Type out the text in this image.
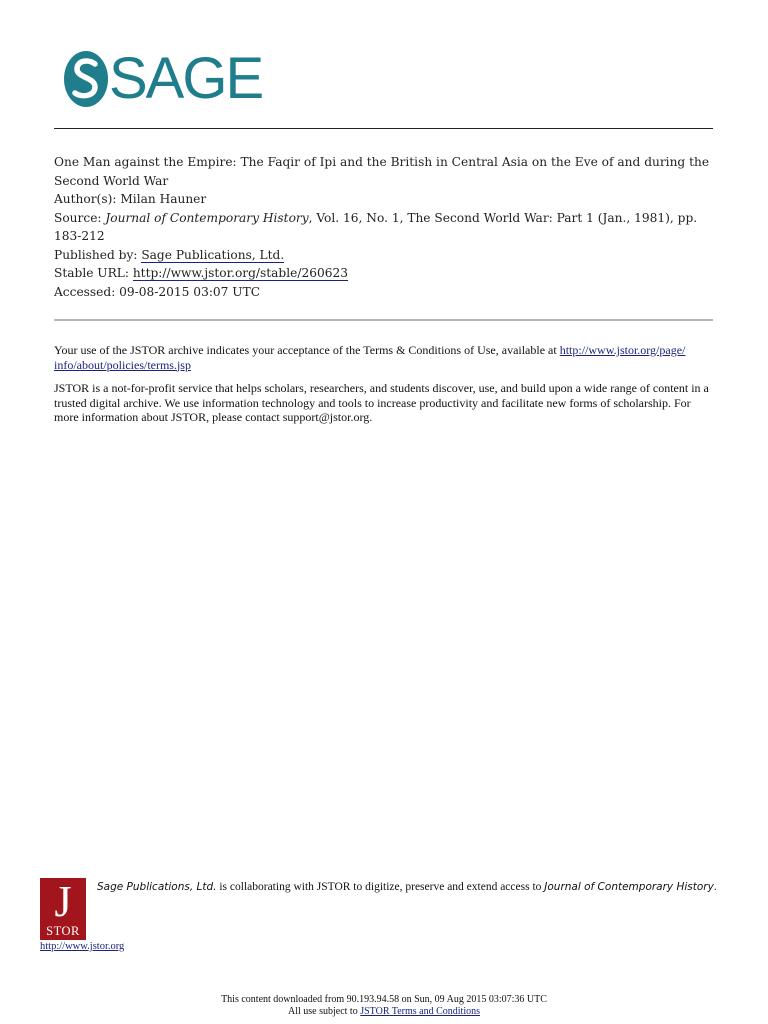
SAGE

One Man against the Empire: The Faqir of Ipi and the British in Central Asia on the Eve of and during the Second World War

Author(s): Milan Hauner

Source: Journal of Contemporary History, Vol. 16, No. 1, The Second World War: Part 1 (Jan., 1981), pp. 183-212

Published by: Sage Publications, Ltd.

Stable URL: http://www.jstor.org/stable/260623

Accessed: 09-08-2015 03:07 UTC

Your use of the JSTOR archive indicates your acceptance of the Terms & Conditions of Use, available at http://www.jstor.org/page/ info/about/policies/terms.jsp

JSTOR is a not-for-profit service that helps scholars, researchers, and students discover, use, and build upon a wide range of content in a trusted digital archive. We use information technology and tools to increase productivity and facilitate new forms of scholarship. For more information about JSTOR, please contact support@jstor.org.

J
STOR
Sage Publications, Ltd. is collaborating with JSTOR to digitize, preserve and extend access to Journal of Contemporary History.
http://www.jstor.org
This content downloaded from 90.193.94.58 on Sun, 09 Aug 2015 03:07:36 UTC
All use subject to JSTOR Terms and Conditions
